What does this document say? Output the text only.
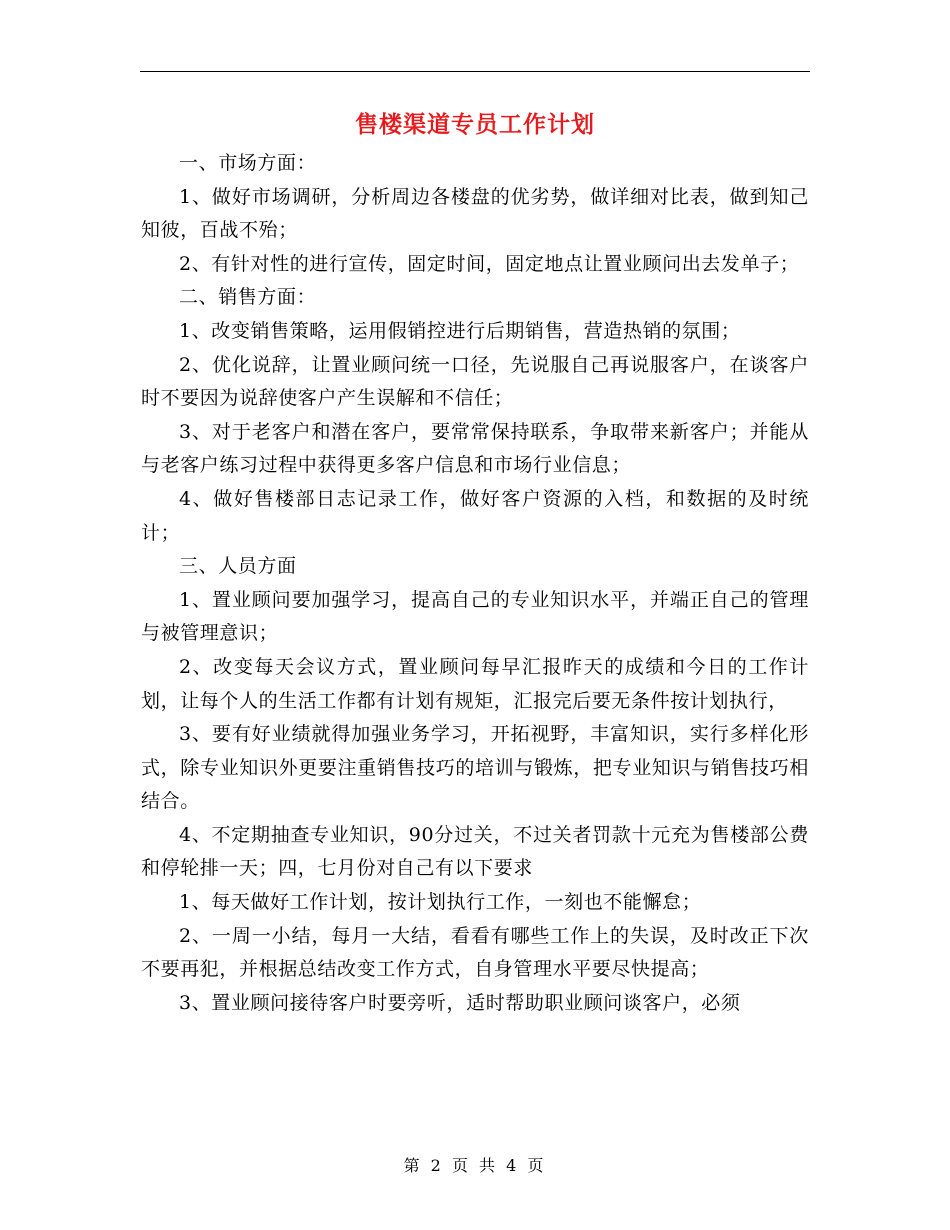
售楼渠道专员工作计划

一、市场方面：

1、做好市场调研，分析周边各楼盘的优劣势，做详细对比表，做到知己知彼，百战不殆；

2、有针对性的进行宣传，固定时间，固定地点让置业顾问出去发单子；

二、销售方面：

1、改变销售策略，运用假销控进行后期销售，营造热销的氛围；

2、优化说辞，让置业顾问统一口径，先说服自己再说服客户，在谈客户时不要因为说辞使客户产生误解和不信任；

3、对于老客户和潜在客户，要常常保持联系，争取带来新客户；并能从与老客户练习过程中获得更多客户信息和市场行业信息；

4、做好售楼部日志记录工作，做好客户资源的入档，和数据的及时统计；

三、人员方面

1、置业顾问要加强学习，提高自己的专业知识水平，并端正自己的管理与被管理意识；

2、改变每天会议方式，置业顾问每早汇报昨天的成绩和今日的工作计划，让每个人的生活工作都有计划有规矩，汇报完后要无条件按计划执行，

3、要有好业绩就得加强业务学习，开拓视野，丰富知识，实行多样化形式，除专业知识外更要注重销售技巧的培训与锻炼，把专业知识与销售技巧相结合。

4、不定期抽查专业知识，90分过关，不过关者罚款十元充为售楼部公费和停轮排一天；四，七月份对自己有以下要求

1、每天做好工作计划，按计划执行工作，一刻也不能懈怠；

2、一周一小结，每月一大结，看看有哪些工作上的失误，及时改正下次不要再犯，并根据总结改变工作方式，自身管理水平要尽快提高；

3、置业顾问接待客户时要旁听，适时帮助职业顾问谈客户，必须

第 2 页 共 4 页
